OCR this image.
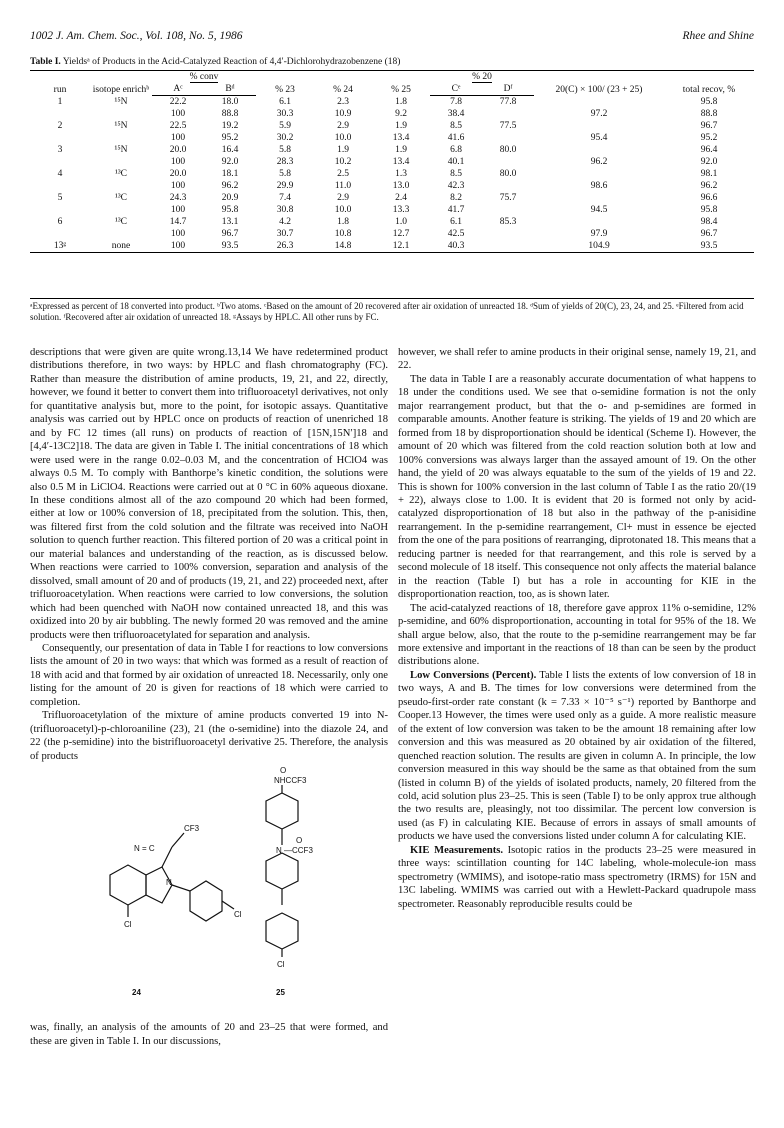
1002 J. Am. Chem. Soc., Vol. 108, No. 5, 1986	Rhee and Shine
Table I. Yieldsᵃ of Products in the Acid-Catalyzed Reaction of 4,4′-Dichlorohydrazobenzene (18)
run	isotope enrichᵇ	% conv		% 23	% 24	% 25	% 20		20(C) × 100/ (23 + 25)	total recov, %
		Aᶜ	Bᵈ				Cᵉ	Dᶠ		
1	¹⁵N	22.2	18.0	6.1	2.3	1.8	7.8	77.8		95.8
		100	88.8	30.3	10.9	9.2	38.4		97.2	88.8
2	¹⁵N	22.5	19.2	5.9	2.9	1.9	8.5	77.5		96.7
		100	95.2	30.2	10.0	13.4	41.6		95.4	95.2
3	¹⁵N	20.0	16.4	5.8	1.9	1.9	6.8	80.0		96.4
		100	92.0	28.3	10.2	13.4	40.1		96.2	92.0
4	¹³C	20.0	18.1	5.8	2.5	1.3	8.5	80.0		98.1
		100	96.2	29.9	11.0	13.0	42.3		98.6	96.2
5	¹³C	24.3	20.9	7.4	2.9	2.4	8.2	75.7		96.6
		100	95.8	30.8	10.0	13.3	41.7		94.5	95.8
6	¹³C	14.7	13.1	4.2	1.8	1.0	6.1	85.3		98.4
		100	96.7	30.7	10.8	12.7	42.5		97.9	96.7
13ᵍ	none	100	93.5	26.3	14.8	12.1	40.3		104.9	93.5
ᵃExpressed as percent of 18 converted into product. ᵇTwo atoms. ᶜBased on the amount of 20 recovered after air oxidation of unreacted 18. ᵈSum of yields of 20(C), 23, 24, and 25. ᵉFiltered from acid solution. ᶠRecovered after air oxidation of unreacted 18. ᵍAssays by HPLC. All other runs by FC.

descriptions that were given are quite wrong.13,14 We have redetermined product distributions therefore, in two ways: by HPLC and flash chromatography (FC). Rather than measure the distribution of amine products, 19, 21, and 22, directly, however, we found it better to convert them into trifluoroacetyl derivatives, not only for quantitative analysis but, more to the point, for isotopic assays. Quantitative analysis was carried out by HPLC once on products of reaction of unenriched 18 and by FC 12 times (all runs) on products of reaction of [15N,15N′]18 and [4,4′-13C2]18. The data are given in Table I. The initial concentrations of 18 which were used were in the range 0.02–0.03 M, and the concentration of HClO4 was always 0.5 M. To comply with Banthorpe’s kinetic condition, the solutions were also 0.5 M in LiClO4. Reactions were carried out at 0 °C in 60% aqueous dioxane. In these conditions almost all of the azo compound 20 which had been formed, either at low or 100% conversion of 18, precipitated from the solution. This, then, was filtered first from the cold solution and the filtrate was received into NaOH solution to quench further reaction. This filtered portion of 20 was a critical point in our material balances and understanding of the reaction, as is discussed below. When reactions were carried to 100% conversion, separation and analysis of the dissolved, small amount of 20 and of products (19, 21, and 22) proceeded next, after trifluoroacetylation. When reactions were carried to low conversions, the solution which had been quenched with NaOH now contained unreacted 18, and this was oxidized into 20 by air bubbling. The newly formed 20 was removed and the amine products were then trifluoroacetylated for separation and analysis.

Consequently, our presentation of data in Table I for reactions to low conversions lists the amount of 20 in two ways: that which was formed as a result of reaction of 18 with acid and that formed by air oxidation of unreacted 18. Necessarily, only one listing for the amount of 20 is given for reactions of 18 which were carried to completion.

Trifluoroacetylation of the mixture of amine products converted 19 into N-(trifluoroacetyl)-p-chloroaniline (23), 21 (the o-semidine) into the diazole 24, and 22 (the p-semidine) into the bistrifluoroacetyl derivative 25. Therefore, the analysis of products

was, finally, an analysis of the amounts of 20 and 23–25 that were formed, and these are given in Table I. In our discussions,

CF3
N = C
N
Cl
Cl
24
O
NHCCF3
O
N —CCF3
Cl
25

however, we shall refer to amine products in their original sense, namely 19, 21, and 22.

The data in Table I are a reasonably accurate documentation of what happens to 18 under the conditions used. We see that o-semidine formation is not the only major rearrangement product, but that the o- and p-semidines are formed in comparable amounts. Another feature is striking. The yields of 19 and 20 which are formed from 18 by disproportionation should be identical (Scheme I). However, the amount of 20 which was filtered from the cold reaction solution both at low and 100% conversions was always larger than the assayed amount of 19. On the other hand, the yield of 20 was always equatable to the sum of the yields of 19 and 22. This is shown for 100% conversion in the last column of Table I as the ratio 20/(19 + 22), always close to 1.00. It is evident that 20 is formed not only by acid-catalyzed disproportionation of 18 but also in the pathway of the p-anisidine rearrangement. In the p-semidine rearrangement, Cl+ must in essence be ejected from the one of the para positions of rearranging, diprotonated 18. This means that a reducing partner is needed for that rearrangement, and this role is served by a second molecule of 18 itself. This consequence not only affects the material balance in the reaction (Table I) but has a role in accounting for KIE in the disproportionation reaction, too, as is shown later.

The acid-catalyzed reactions of 18, therefore gave approx 11% o-semidine, 12% p-semidine, and 60% disproportionation, accounting in total for 95% of the 18. We shall argue below, also, that the route to the p-semidine rearrangement may be far more extensive and important in the reactions of 18 than can be seen by the product distributions alone.

Low Conversions (Percent). Table I lists the extents of low conversion of 18 in two ways, A and B. The times for low conversions were determined from the pseudo-first-order rate constant (k = 7.33 × 10⁻⁵ s⁻¹) reported by Banthorpe and Cooper.13 However, the times were used only as a guide. A more realistic measure of the extent of low conversion was taken to be the amount 18 remaining after low conversion and this was measured as 20 obtained by air oxidation of the filtered, quenched reaction solution. The results are given in column A. In principle, the low conversion measured in this way should be the same as that obtained from the sum (listed in column B) of the yields of isolated products, namely, 20 filtered from the cold, acid solution plus 23–25. This is seen (Table I) to be only approx true although the two results are, pleasingly, not too dissimilar. The percent low conversion is used (as F) in calculating KIE. Because of errors in assays of small amounts of products we have used the conversions listed under column A for calculating KIE.

KIE Measurements. Isotopic ratios in the products 23–25 were measured in three ways: scintillation counting for 14C labeling, whole-molecule-ion mass spectrometry (WMIMS), and isotope-ratio mass spectrometry (IRMS) for 15N and 13C labeling. WMIMS was carried out with a Hewlett-Packard quadrupole mass spectrometer. Reasonably reproducible results could be
